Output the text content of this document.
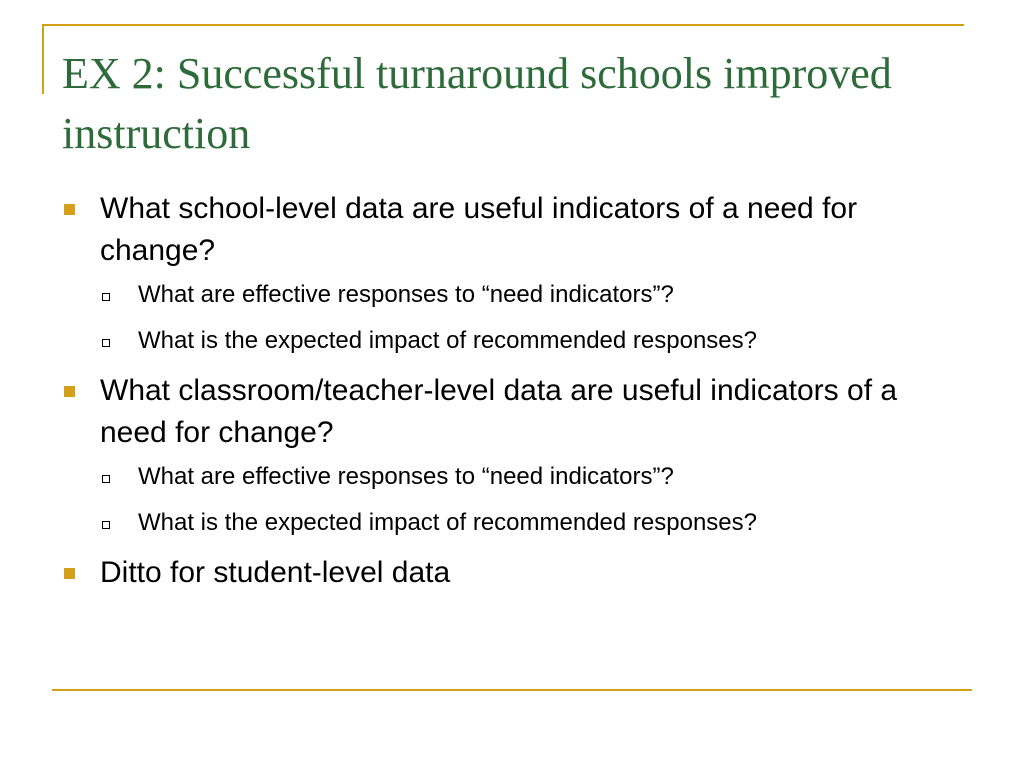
EX 2: Successful turnaround schools improved instruction
What school-level data are useful indicators of a need for change?
What are effective responses to “need indicators”?
What is the expected impact of recommended responses?
What classroom/teacher-level data are useful indicators of a need for change?
What are effective responses to “need indicators”?
What is the expected impact of recommended responses?
Ditto for student-level data
